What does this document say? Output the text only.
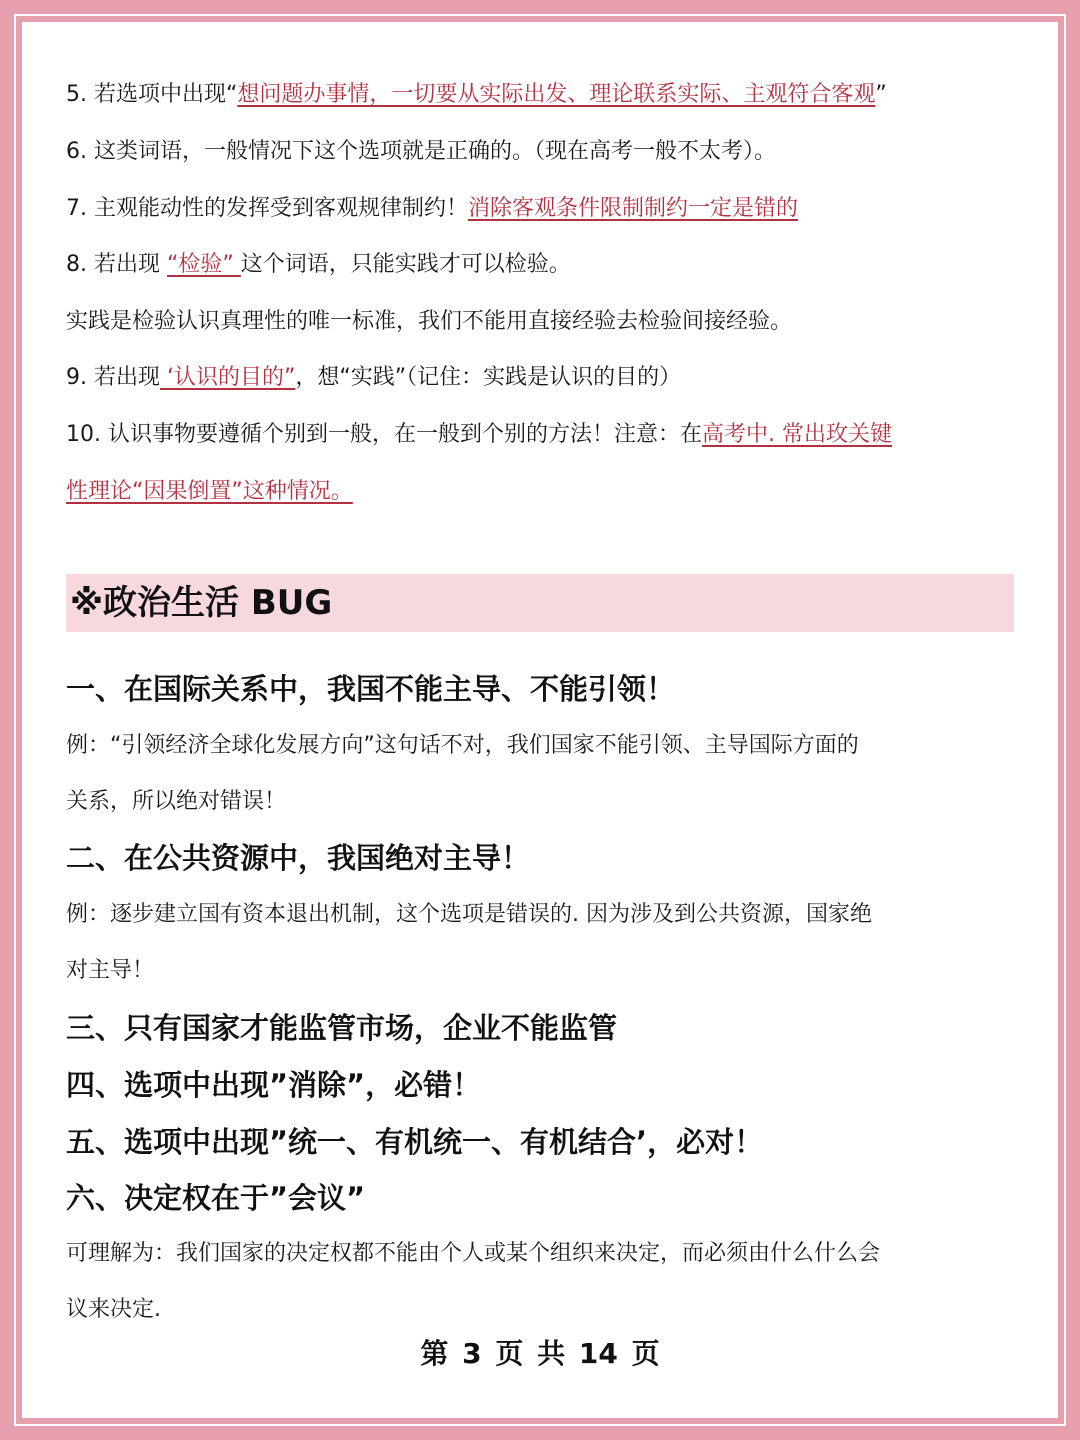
5. 若选项中出现“想问题办事情，一切要从实际出发、理论联系实际、主观符合客观”
6. 这类词语，一般情况下这个选项就是正确的。（现在高考一般不太考）。
7. 主观能动性的发挥受到客观规律制约！消除客观条件限制制约一定是错的
8. 若出现 “检验” 这个词语，只能实践才可以检验。
实践是检验认识真理性的唯一标准，我们不能用直接经验去检验间接经验。
9. 若出现 ‘认识的目的”，想“实践”（记住：实践是认识的目的）
10. 认识事物要遵循个别到一般，在一般到个别的方法！注意：在高考中. 常出玫关键
性理论“因果倒置”这种情况。
※政治生活 BUG
一、在国际关系中，我国不能主导、不能引领！
例：“引领经济全球化发展方向”这句话不对，我们国家不能引领、主导国际方面的
关系，所以绝对错误！
二、在公共资源中，我国绝对主导！
例：逐步建立国有资本退出机制，这个选项是错误的. 因为涉及到公共资源，国家绝
对主导！
三、只有国家才能监管市场，企业不能监管
四、选项中出现”消除”，必错！
五、选项中出现”统一、有机统一、有机结合’，必对！
六、决定权在于”会议”
可理解为：我们国家的决定权都不能由个人或某个组织来决定，而必须由什么什么会
议来决定.
第 3 页 共 14 页
